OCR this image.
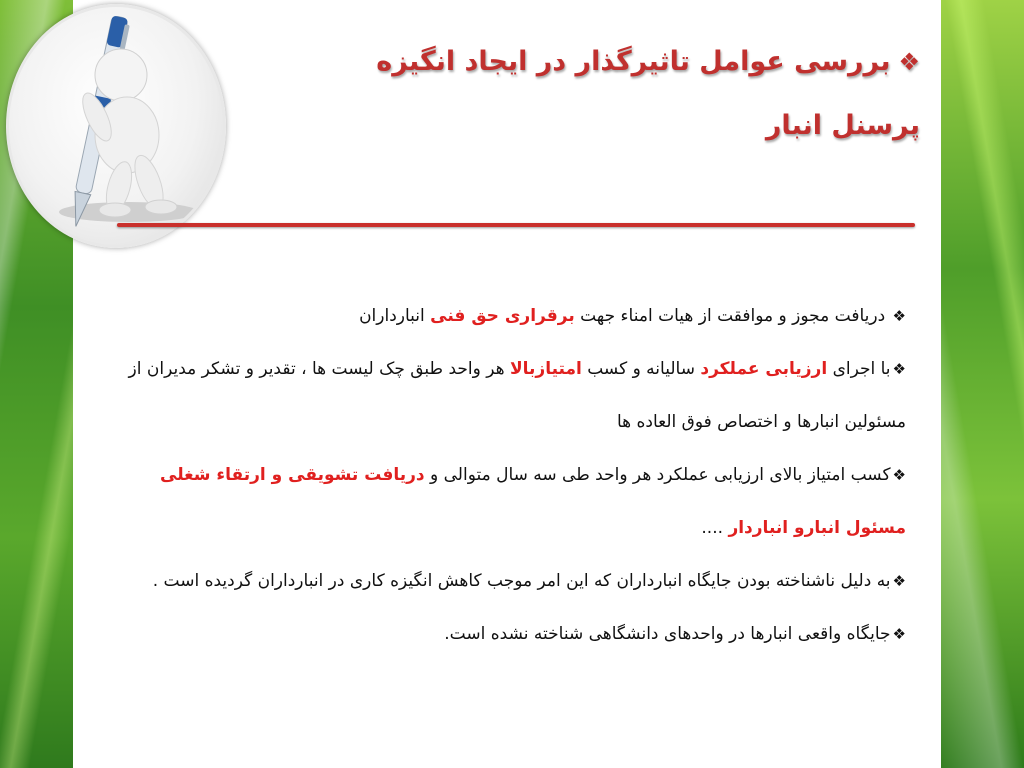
❖بررسی عوامل تاثیرگذار در ایجاد انگیزه
پرسنل انبار

❖ دریافت مجوز و موافقت از هیات امناء جهت برقراری حق فنی انبارداران

❖با اجرای ارزیابی عملکرد سالیانه و کسب امتیازبالا هر واحد طبق چک لیست ها ، تقدیر و تشکر مدیران از مسئولین انبارها و اختصاص فوق العاده ها

❖کسب امتیاز بالای ارزیابی عملکرد هر واحد طی سه سال متوالی و دریافت تشویقی و ارتقاء شغلی مسئول انبارو انباردار ....

❖به دلیل ناشناخته بودن جایگاه انبارداران که این امر موجب کاهش انگیزه کاری در انبارداران گردیده است .

❖جایگاه واقعی انبارها در واحدهای دانشگاهی شناخته نشده است.
